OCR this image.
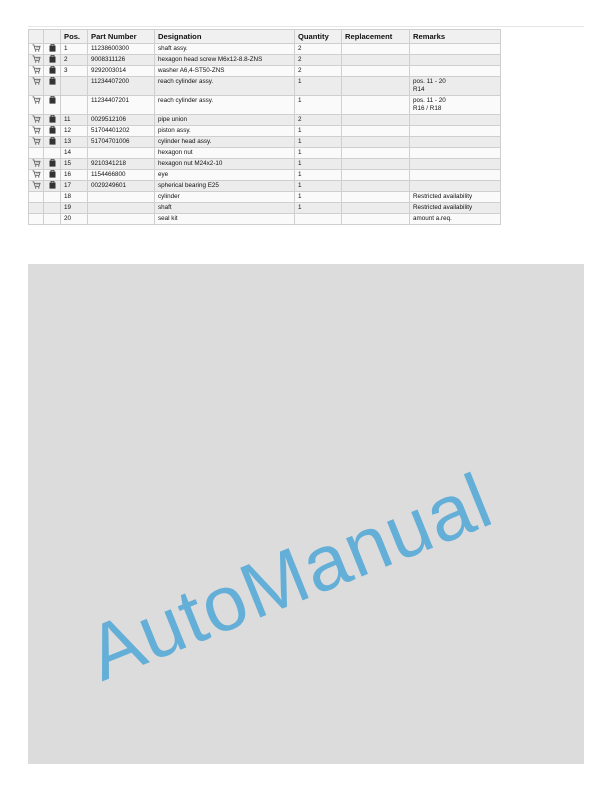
		Pos.	Part Number	Designation	Quantity	Replacement	Remarks
		1	11238600300	shaft assy.	2		

		2	9008311126	hexagon head screw M6x12-8.8-ZNS	2		

		3	9292003014	washer A6,4-ST50-ZNS	2		

			11234407200	reach cylinder assy.	1		pos. 11 - 20
R14

			11234407201	reach cylinder assy.	1		pos. 11 - 20
R16 / R18

		11	0029512106	pipe union	2		

		12	51704401202	piston assy.	1		

		13	51704701006	cylinder head assy.	1		

		14		hexagon nut	1		

		15	9210341218	hexagon nut M24x2-10	1		

		16	1154466800	eye	1		

		17	0029249601	spherical bearing E25	1		

		18		cylinder	1		Restricted availability

		19		shaft	1		Restricted availability

		20		seal kit			amount a.req.
AutoManual
